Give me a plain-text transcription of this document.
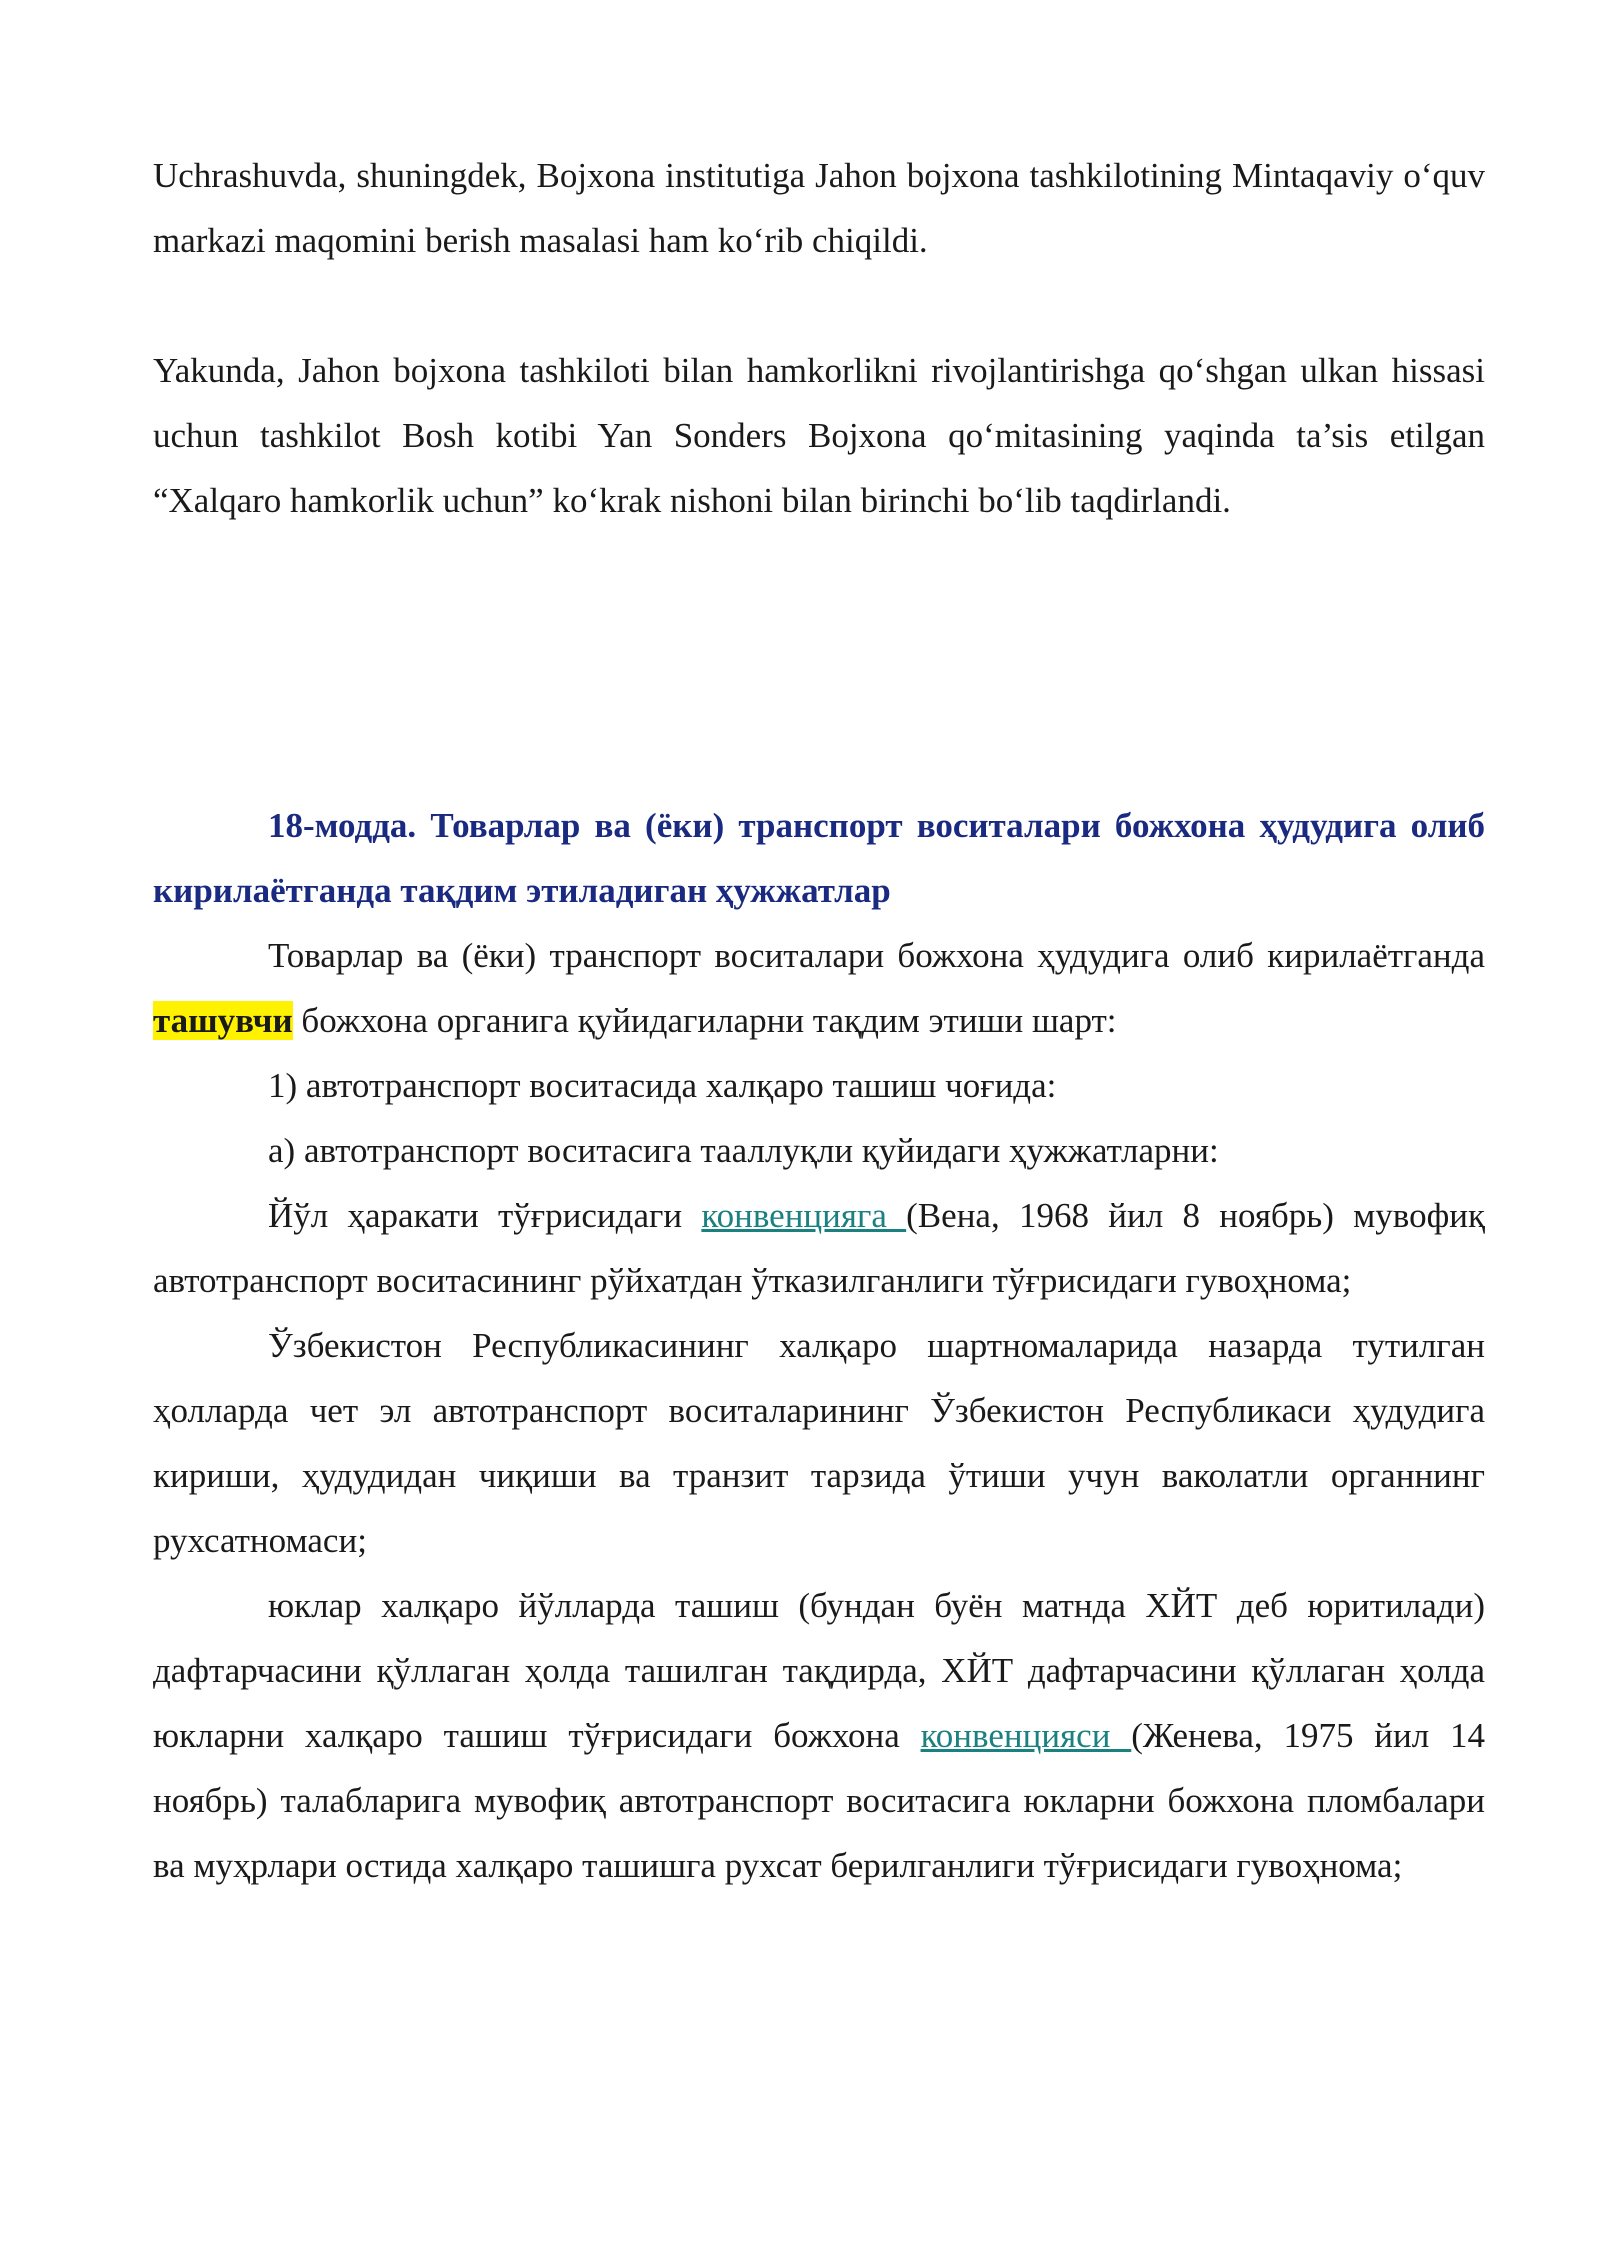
Uchrashuvda, shuningdek, Bojxona institutiga Jahon bojxona tashkilotining Mintaqaviy o‘quv markazi maqomini berish masalasi ham ko‘rib chiqildi.

Yakunda, Jahon bojxona tashkiloti bilan hamkorlikni rivojlantirishga qo‘shgan ulkan hissasi uchun tashkilot Bosh kotibi Yan Sonders Bojxona qo‘mitasining yaqinda ta’sis etilgan “Xalqaro hamkorlik uchun” ko‘krak nishoni bilan birinchi bo‘lib taqdirlandi.

18-модда. Товарлар ва (ёки) транспорт воситалари божхона ҳудудига олиб кирилаётганда тақдим этиладиган ҳужжатлар

Товарлар ва (ёки) транспорт воситалари божхона ҳудудига олиб кирилаётганда ташувчи божхона органига қуйидагиларни тақдим этиши шарт:

1) автотранспорт воситасида халқаро ташиш чоғида:

а) автотранспорт воситасига тааллуқли қуйидаги ҳужжатларни:

Йўл ҳаракати тўғрисидаги конвенцияга (Вена, 1968 йил 8 ноябрь) мувофиқ автотранспорт воситасининг рўйхатдан ўтказилганлиги тўғрисидаги гувоҳнома;

Ўзбекистон Республикасининг халқаро шартномаларида назарда тутилган ҳолларда чет эл автотранспорт воситаларининг Ўзбекистон Республикаси ҳудудига кириши, ҳудудидан чиқиши ва транзит тарзида ўтиши учун ваколатли органнинг рухсатномаси;

юклар халқаро йўлларда ташиш (бундан буён матнда ХЙТ деб юритилади) дафтарчасини қўллаган ҳолда ташилган тақдирда, ХЙТ дафтарчасини қўллаган ҳолда юкларни халқаро ташиш тўғрисидаги божхона конвенцияси (Женева, 1975 йил 14 ноябрь) талабларига мувофиқ автотранспорт воситасига юкларни божхона пломбалари ва муҳрлари остида халқаро ташишга рухсат берилганлиги тўғрисидаги гувоҳнома;
